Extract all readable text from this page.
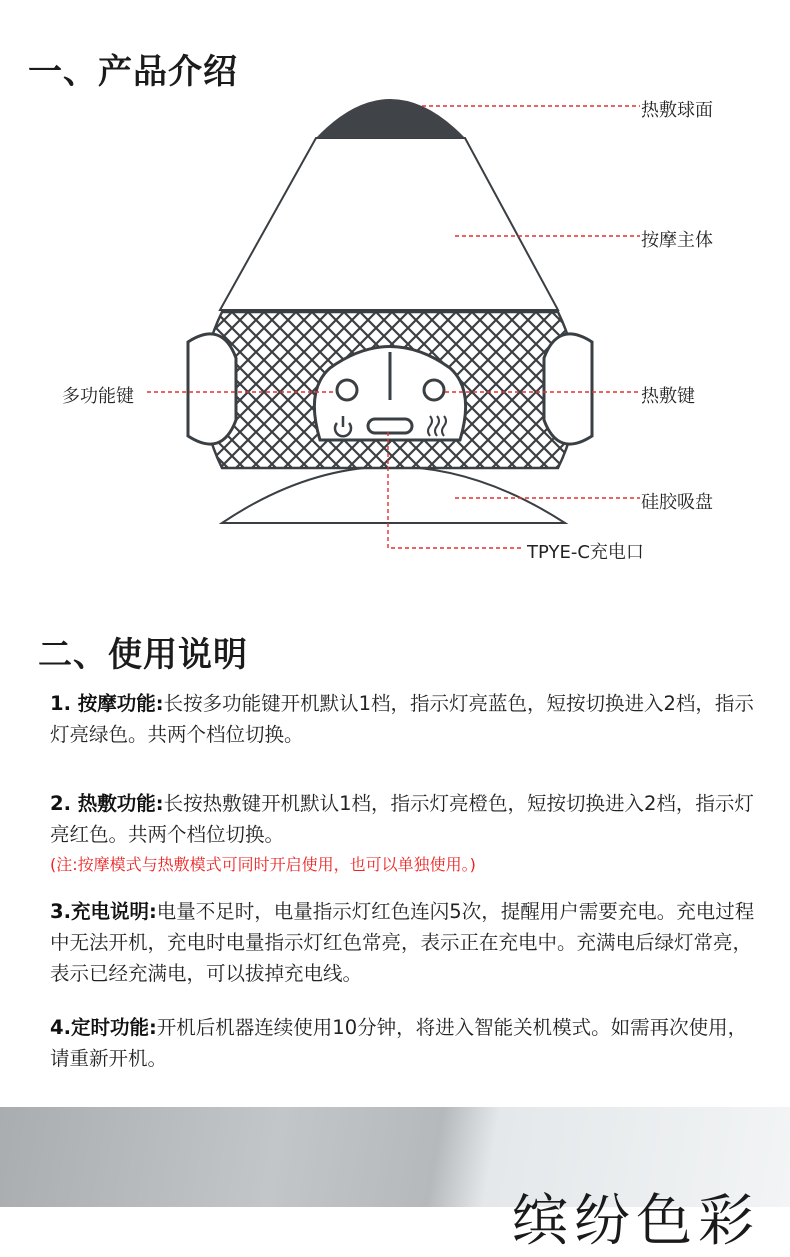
一、产品介绍
热敷球面
按摩主体
多功能键	热敷键
硅胶吸盘
TPYE-C充电口
二、使用说明
1. 按摩功能:长按多功能键开机默认1档，指示灯亮蓝色，短按切换进入2档，指示灯亮绿色。共两个档位切换。
2. 热敷功能:长按热敷键开机默认1档，指示灯亮橙色，短按切换进入2档，指示灯亮红色。共两个档位切换。
(注:按摩模式与热敷模式可同时开启使用，也可以单独使用。)
3.充电说明:电量不足时，电量指示灯红色连闪5次，提醒用户需要充电。充电过程中无法开机，充电时电量指示灯红色常亮，表示正在充电中。充满电后绿灯常亮，表示已经充满电，可以拔掉充电线。
4.定时功能:开机后机器连续使用10分钟，将进入智能关机模式。如需再次使用，请重新开机。
缤纷色彩
